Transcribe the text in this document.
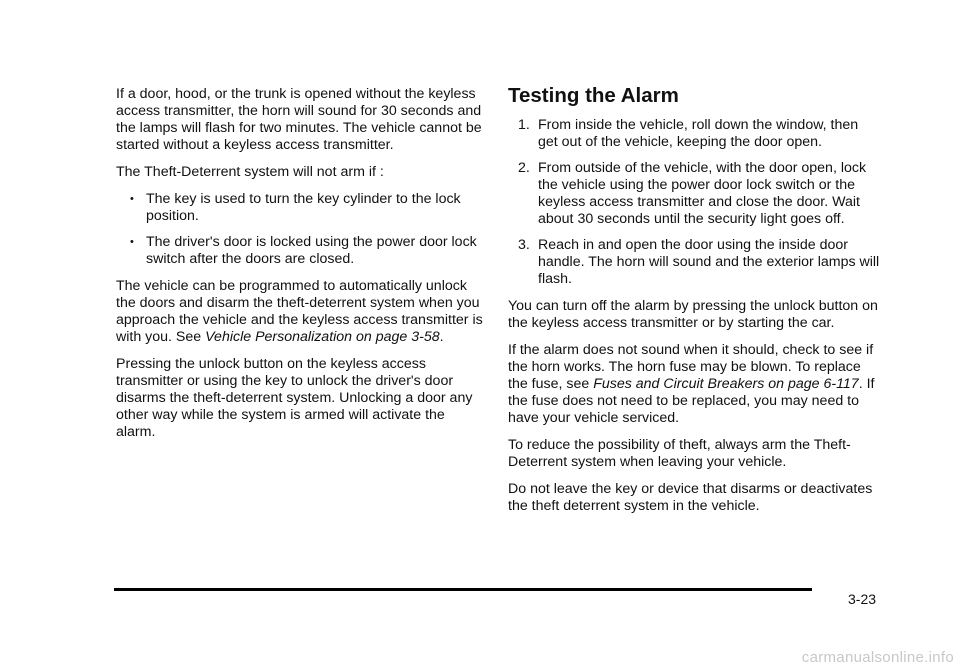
If a door, hood, or the trunk is opened without the keyless access transmitter, the horn will sound for 30 seconds and the lamps will flash for two minutes. The vehicle cannot be started without a keyless access transmitter.

The Theft-Deterrent system will not arm if :

• The key is used to turn the key cylinder to the lock position.
• The driver's door is locked using the power door lock switch after the doors are closed.

The vehicle can be programmed to automatically unlock the doors and disarm the theft-deterrent system when you approach the vehicle and the keyless access transmitter is with you. See Vehicle Personalization on page 3-58.

Pressing the unlock button on the keyless access transmitter or using the key to unlock the driver's door disarms the theft-deterrent system. Unlocking a door any other way while the system is armed will activate the alarm.

Testing the Alarm
1. From inside the vehicle, roll down the window, then get out of the vehicle, keeping the door open.
2. From outside of the vehicle, with the door open, lock the vehicle using the power door lock switch or the keyless access transmitter and close the door. Wait about 30 seconds until the security light goes off.
3. Reach in and open the door using the inside door handle. The horn will sound and the exterior lamps will flash.

You can turn off the alarm by pressing the unlock button on the keyless access transmitter or by starting the car.

If the alarm does not sound when it should, check to see if the horn works. The horn fuse may be blown. To replace the fuse, see Fuses and Circuit Breakers on page 6-117. If the fuse does not need to be replaced, you may need to have your vehicle serviced.

To reduce the possibility of theft, always arm the Theft-Deterrent system when leaving your vehicle.

Do not leave the key or device that disarms or deactivates the theft deterrent system in the vehicle.

3-23
carmanualsonline.info
